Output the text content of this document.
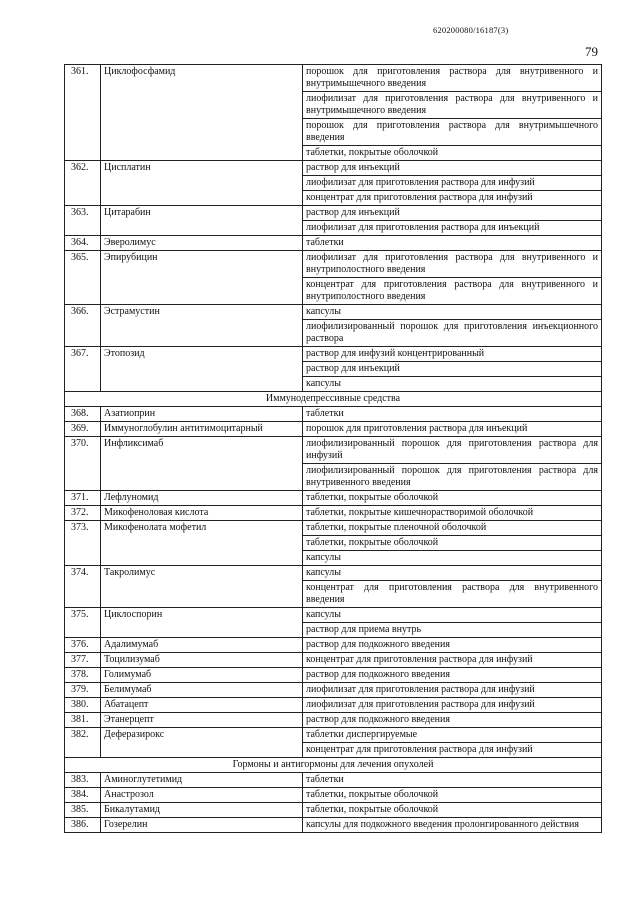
620200080/16187(3)
79
361.	Циклофосфамид	порошок для приготовления раствора для внутривенного и внутримышечного введения
		лиофилизат для приготовления раствора для внутривенного и внутримышечного введения
		порошок для приготовления раствора для внутримышечного введения
		таблетки, покрытые оболочкой
362.	Цисплатин	раствор для инъекций
		лиофилизат для приготовления раствора для инфузий
		концентрат для приготовления раствора для инфузий
363.	Цитарабин	раствор для инъекций
		лиофилизат для приготовления раствора для инъекций
364.	Эверолимус	таблетки
365.	Эпирубицин	лиофилизат для приготовления раствора для внутривенного и внутриполостного введения
		концентрат для приготовления раствора для внутривенного и внутриполостного введения
366.	Эстрамустин	капсулы
		лиофилизированный порошок для приготовления инъекционного раствора
367.	Этопозид	раствор для инфузий концентрированный
		раствор для инъекций
		капсулы
Иммунодепрессивные средства		
368.	Азатиоприн	таблетки
369.	Иммуноглобулин антитимоцитарный	порошок для приготовления раствора для инъекций
370.	Инфликсимаб	лиофилизированный порошок для приготовления раствора для инфузий
		лиофилизированный порошок для приготовления раствора для внутривенного введения
371.	Лефлуномид	таблетки, покрытые оболочкой
372.	Микофеноловая кислота	таблетки, покрытые кишечнорастворимой оболочкой
373.	Микофенолата мофетил	таблетки, покрытые пленочной оболочкой
		таблетки, покрытые оболочкой
		капсулы
374.	Такролимус	капсулы
		концентрат для приготовления раствора для внутривенного введения
375.	Циклоспорин	капсулы
		раствор для приема внутрь
376.	Адалимумаб	раствор для подкожного введения
377.	Тоцилизумаб	концентрат для приготовления раствора для инфузий
378.	Голимумаб	раствор для подкожного введения
379.	Белимумаб	лиофилизат для приготовления раствора для инфузий
380.	Абатацепт	лиофилизат для приготовления раствора для инфузий
381.	Этанерцепт	раствор для подкожного введения
382.	Деферазирокс	таблетки диспергируемые
		концентрат для приготовления раствора для инфузий
Гормоны и антигормоны для лечения опухолей		
383.	Аминоглутетимид	таблетки
384.	Анастрозол	таблетки, покрытые оболочкой
385.	Бикалутамид	таблетки, покрытые оболочкой
386.	Гозерелин	капсулы для подкожного введения пролонгированного действия
